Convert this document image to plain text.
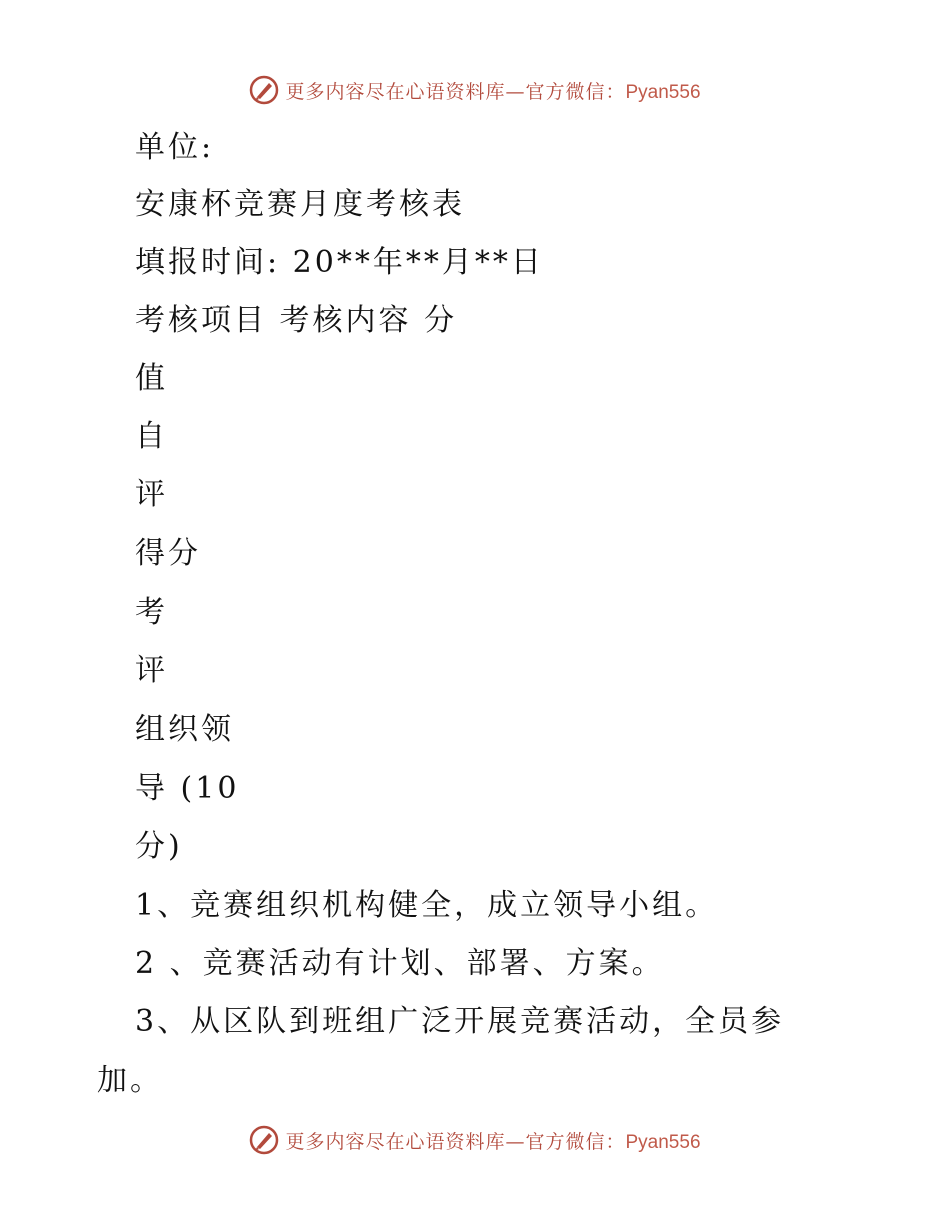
更多内容尽在心语资料库—官方微信：Pyan556
单位:
安康杯竞赛月度考核表
填报时间: 20**年**月**日
考核项目 考核内容 分
值
自
评
得分
考
评
组织领
导 (10
分)
1、竞赛组织机构健全，成立领导小组。
2 、竞赛活动有计划、部署、方案。
3、从区队到班组广泛开展竞赛活动，全员参
加。
更多内容尽在心语资料库—官方微信：Pyan556
